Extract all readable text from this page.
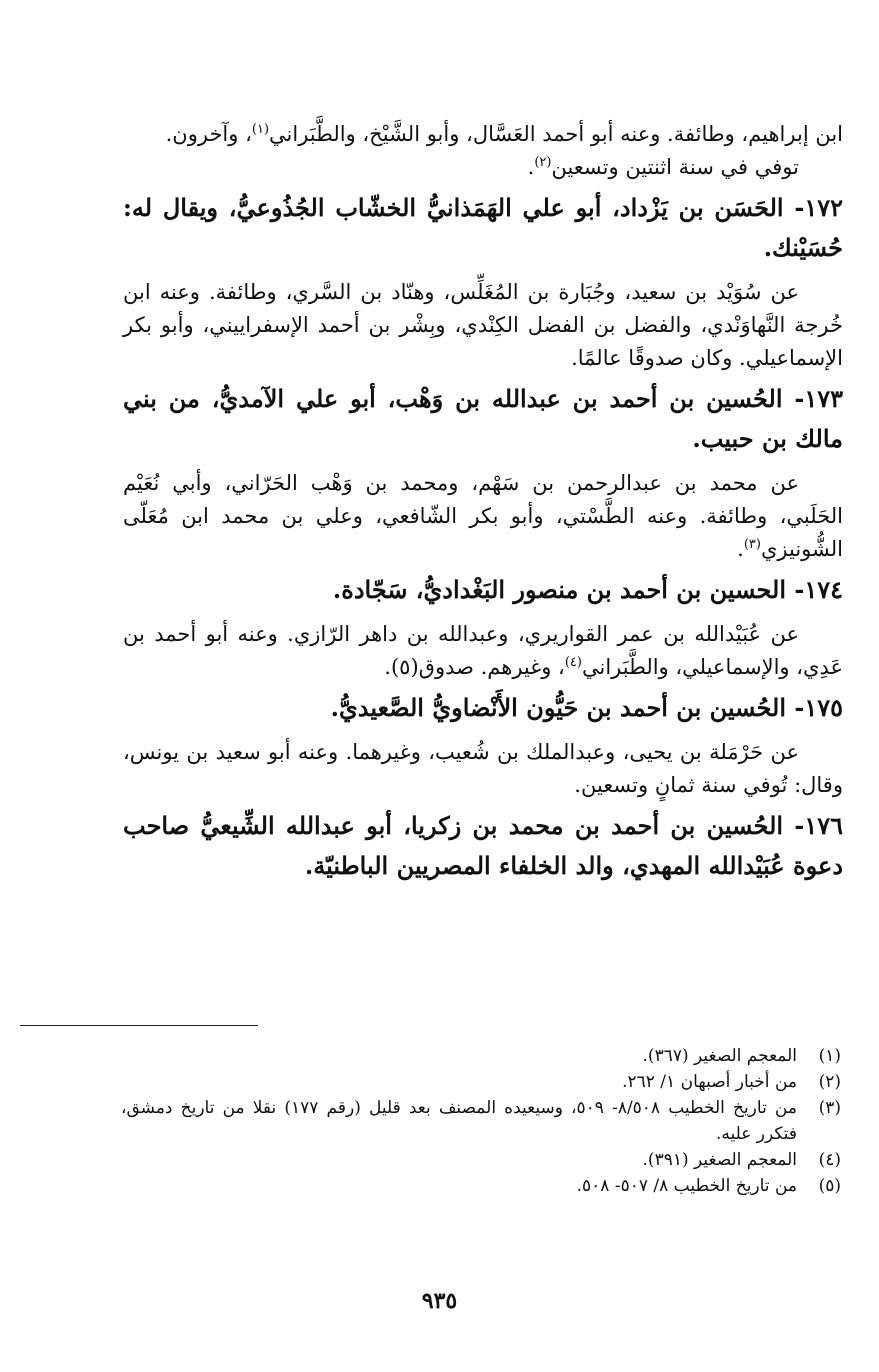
ابن إبراهيم، وطائفة. وعنه أبو أحمد العَسَّال، وأبو الشَّيْخ، والطَّبَراني$^{(١)}$، وآخرون.

توفي في سنة اثنتين وتسعين$^{(٢)}$.

١٧٢- الحَسَن بن يَزْداد، أبو علي الهَمَذانيُّ الخشّاب الجُذُوعيُّ، ويقال له: حُسَيْنك.

عن سُوَيْد بن سعيد، وجُبَارة بن المُغَلِّس، وهنّاد بن السَّري، وطائفة. وعنه ابن خُرجة النَّهاوَنْدي، والفضل بن الفضل الكِنْدي، وبِشْر بن أحمد الإسفراييني، وأبو بكر الإسماعيلي. وكان صدوقًا عالمًا.

١٧٣- الحُسين بن أحمد بن عبدالله بن وَهْب، أبو علي الآمديُّ، من بني مالك بن حبيب.

عن محمد بن عبدالرحمن بن سَهْم، ومحمد بن وَهْب الحَرّاني، وأبي نُعَيْم الحَلَبي، وطائفة. وعنه الطَّسْتي، وأبو بكر الشّافعي، وعلي بن محمد ابن مُعَلّى الشُّونيزي$^{(٣)}$.

١٧٤- الحسين بن أحمد بن منصور البَغْداديُّ، سَجّادة.

عن عُبَيْدالله بن عمر القواريري، وعبدالله بن داهر الرّازي. وعنه أبو أحمد بن عَدِي، والإسماعيلي، والطَّبَراني$^{(٤)}$، وغيرهم. صدوق(٥).

١٧٥- الحُسين بن أحمد بن حَيُّون الأَنْضاويُّ الصَّعيديُّ.

عن حَرْمَلة بن يحيى، وعبدالملك بن شُعيب، وغيرهما. وعنه أبو سعيد بن يونس، وقال: تُوفي سنة ثمانٍ وتسعين.

١٧٦- الحُسين بن أحمد بن محمد بن زكريا، أبو عبدالله الشِّيعيُّ صاحب دعوة عُبَيْدالله المهدي، والد الخلفاء المصريين الباطنيّة.
(١)
المعجم الصغير (٣٦٧).
(٢)
من أخبار أصبهان ١/ ٢٦٢.
(٣)
من تاريخ الخطيب ٨/٥٠٨- ٥٠٩، وسيعيده المصنف بعد قليل (رقم ١٧٧) نقلا من تاريخ دمشق، فتكرر عليه.
(٤)
المعجم الصغير (٣٩١).
(٥)
من تاريخ الخطيب ٨/ ٥٠٧- ٥٠٨.
٩٣٥
